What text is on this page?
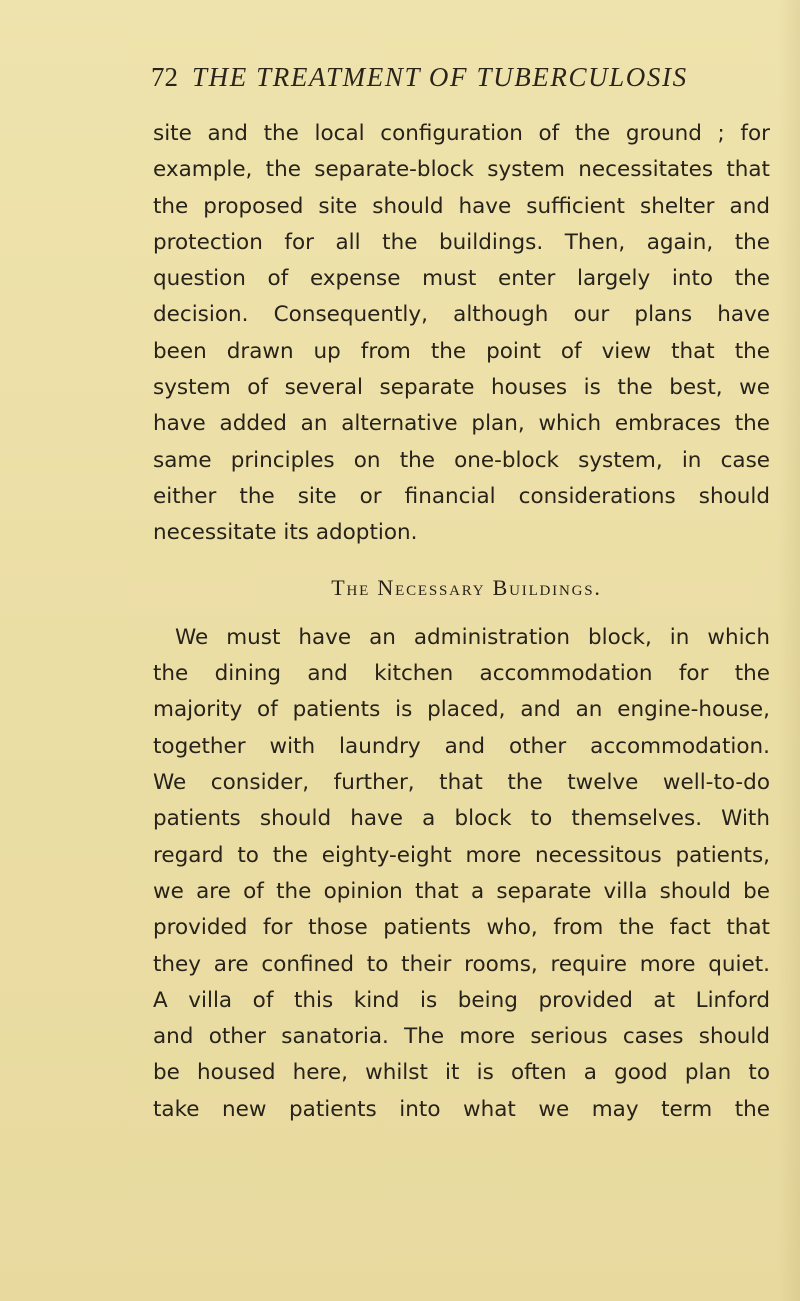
72 THE TREATMENT OF TUBERCULOSIS
site and the local configuration of the ground ; for
example, the separate-block system necessitates that
the proposed site should have sufficient shelter and
protection for all the buildings. Then, again, the
question of expense must enter largely into the
decision. Consequently, although our plans have
been drawn up from the point of view that the
system of several separate houses is the best, we
have added an alternative plan, which embraces the
same principles on the one-block system, in case
either the site or financial considerations should
necessitate its adoption.
The Necessary Buildings.
We must have an administration block, in which
the dining and kitchen accommodation for the
majority of patients is placed, and an engine-house,
together with laundry and other accommodation.
We consider, further, that the twelve well-to-do
patients should have a block to themselves. With
regard to the eighty-eight more necessitous patients,
we are of the opinion that a separate villa should be
provided for those patients who, from the fact that
they are confined to their rooms, require more quiet.
A villa of this kind is being provided at Linford
and other sanatoria. The more serious cases should
be housed here, whilst it is often a good plan to
take new patients into what we may term the
